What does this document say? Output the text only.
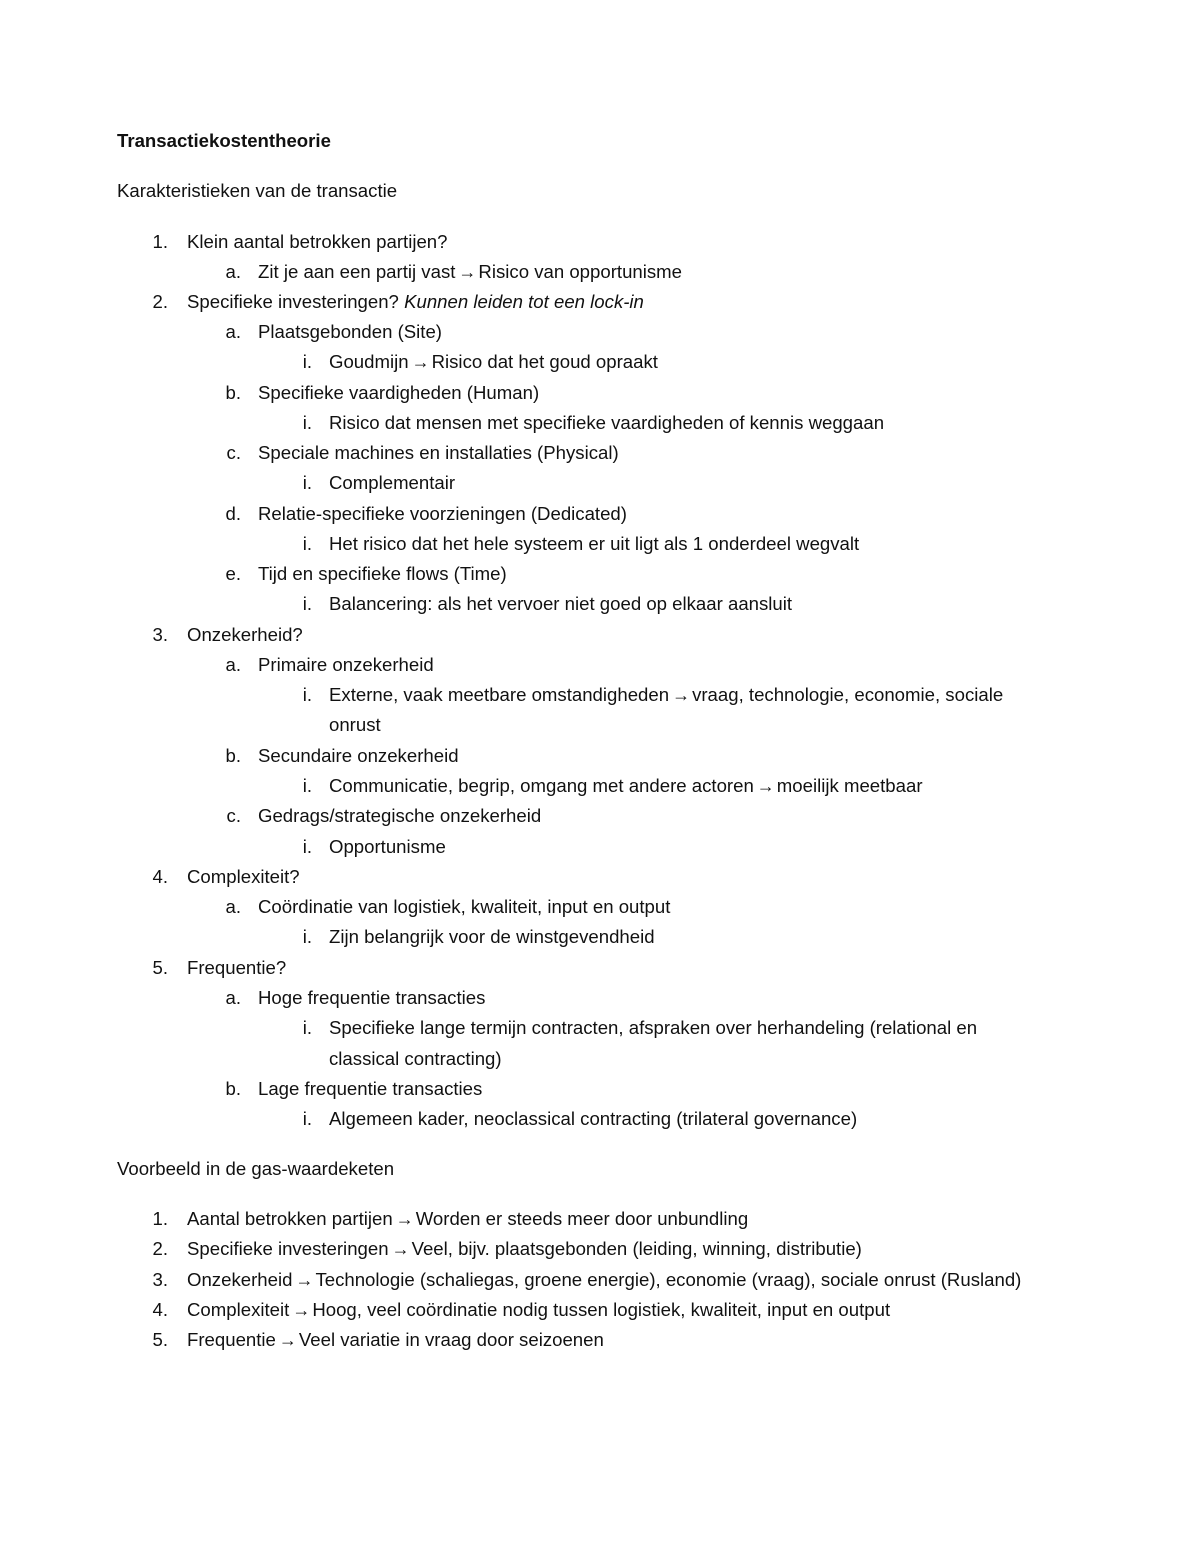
Transactiekostentheorie
Karakteristieken van de transactie
1. Klein aantal betrokken partijen?
a. Zit je aan een partij vast → Risico van opportunisme
2. Specifieke investeringen? Kunnen leiden tot een lock-in
a. Plaatsgebonden (Site)
i. Goudmijn → Risico dat het goud opraakt
b. Specifieke vaardigheden (Human)
i. Risico dat mensen met specifieke vaardigheden of kennis weggaan
c. Speciale machines en installaties (Physical)
i. Complementair
d. Relatie-specifieke voorzieningen (Dedicated)
i. Het risico dat het hele systeem er uit ligt als 1 onderdeel wegvalt
e. Tijd en specifieke flows (Time)
i. Balancering: als het vervoer niet goed op elkaar aansluit
3. Onzekerheid?
a. Primaire onzekerheid
i. Externe, vaak meetbare omstandigheden → vraag, technologie, economie, sociale
onrust
b. Secundaire onzekerheid
i. Communicatie, begrip, omgang met andere actoren → moeilijk meetbaar
c. Gedrags/strategische onzekerheid
i. Opportunisme
4. Complexiteit?
a. Coördinatie van logistiek, kwaliteit, input en output
i. Zijn belangrijk voor de winstgevendheid
5. Frequentie?
a. Hoge frequentie transacties
i. Specifieke lange termijn contracten, afspraken over herhandeling (relational en
classical contracting)
b. Lage frequentie transacties
i. Algemeen kader, neoclassical contracting (trilateral governance)
Voorbeeld in de gas-waardeketen
1. Aantal betrokken partijen → Worden er steeds meer door unbundling
2. Specifieke investeringen → Veel, bijv. plaatsgebonden (leiding, winning, distributie)
3. Onzekerheid → Technologie (schaliegas, groene energie), economie (vraag), sociale onrust (Rusland)
4. Complexiteit → Hoog, veel coördinatie nodig tussen logistiek, kwaliteit, input en output
5. Frequentie → Veel variatie in vraag door seizoenen
